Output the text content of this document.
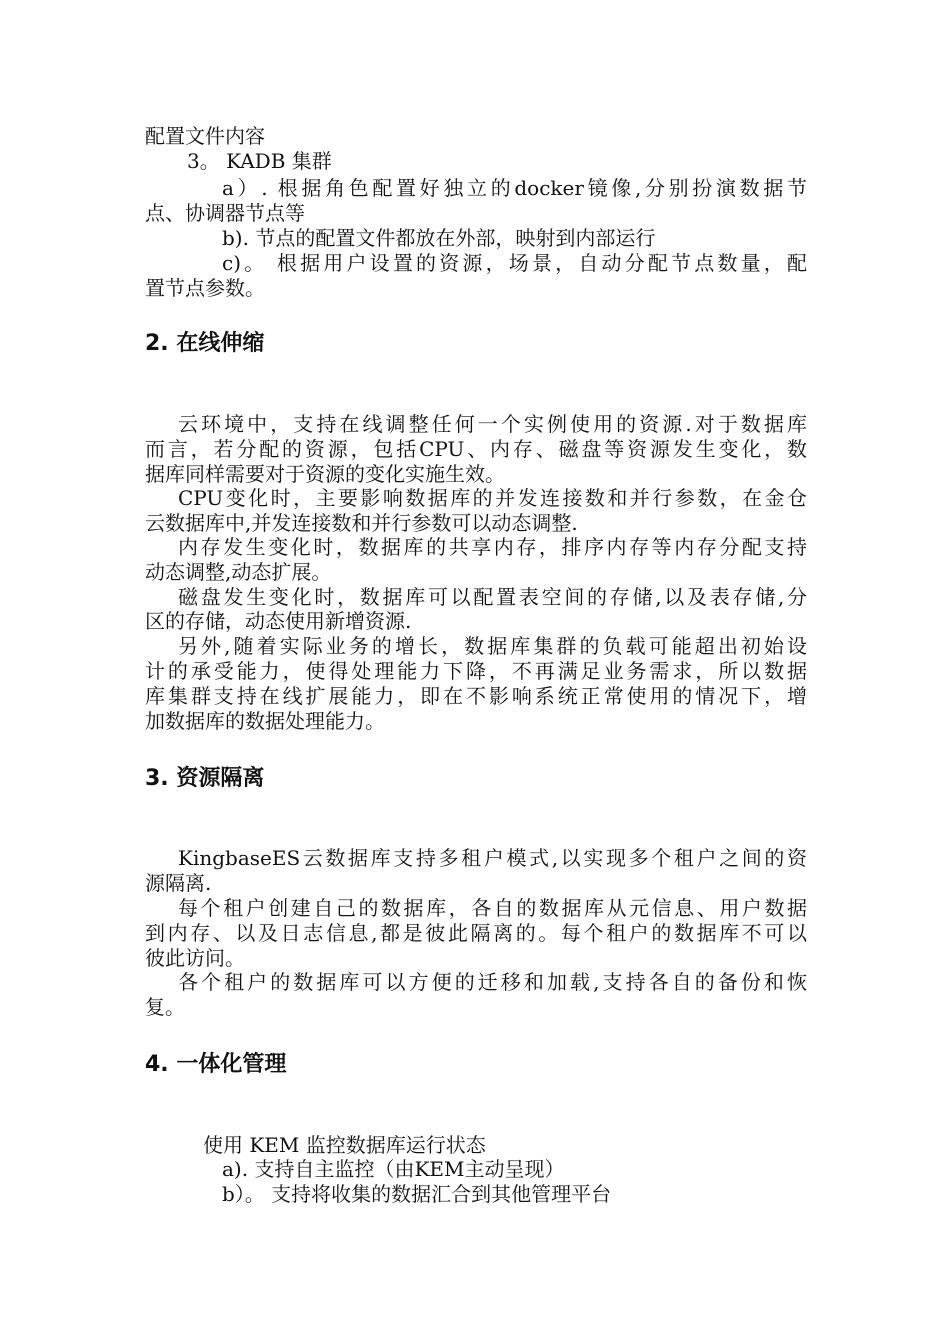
配置文件内容
3。 KADB 集群
a）. 根据角色配置好独立的docker镜像,分别扮演数据节
点、协调器节点等
b). 节点的配置文件都放在外部，映射到内部运行
c)。 根据用户设置的资源，场景，自动分配节点数量，配
置节点参数。
2. 在线伸缩
云环境中，支持在线调整任何一个实例使用的资源.对于数据库
而言，若分配的资源，包括CPU、内存、磁盘等资源发生变化，数
据库同样需要对于资源的变化实施生效。
CPU变化时，主要影响数据库的并发连接数和并行参数，在金仓
云数据库中,并发连接数和并行参数可以动态调整.
内存发生变化时，数据库的共享内存，排序内存等内存分配支持
动态调整,动态扩展。
磁盘发生变化时，数据库可以配置表空间的存储,以及表存储,分
区的存储，动态使用新增资源.
另外,随着实际业务的增长，数据库集群的负载可能超出初始设
计的承受能力，使得处理能力下降，不再满足业务需求，所以数据
库集群支持在线扩展能力，即在不影响系统正常使用的情况下，增
加数据库的数据处理能力。
3. 资源隔离
KingbaseES云数据库支持多租户模式,以实现多个租户之间的资
源隔离.
每个租户创建自己的数据库，各自的数据库从元信息、用户数据
到内存、以及日志信息,都是彼此隔离的。每个租户的数据库不可以
彼此访问。
各个租户的数据库可以方便的迁移和加载,支持各自的备份和恢
复。
4. 一体化管理
使用 KEM 监控数据库运行状态
a). 支持自主监控（由KEM主动呈现）
b）。 支持将收集的数据汇合到其他管理平台
